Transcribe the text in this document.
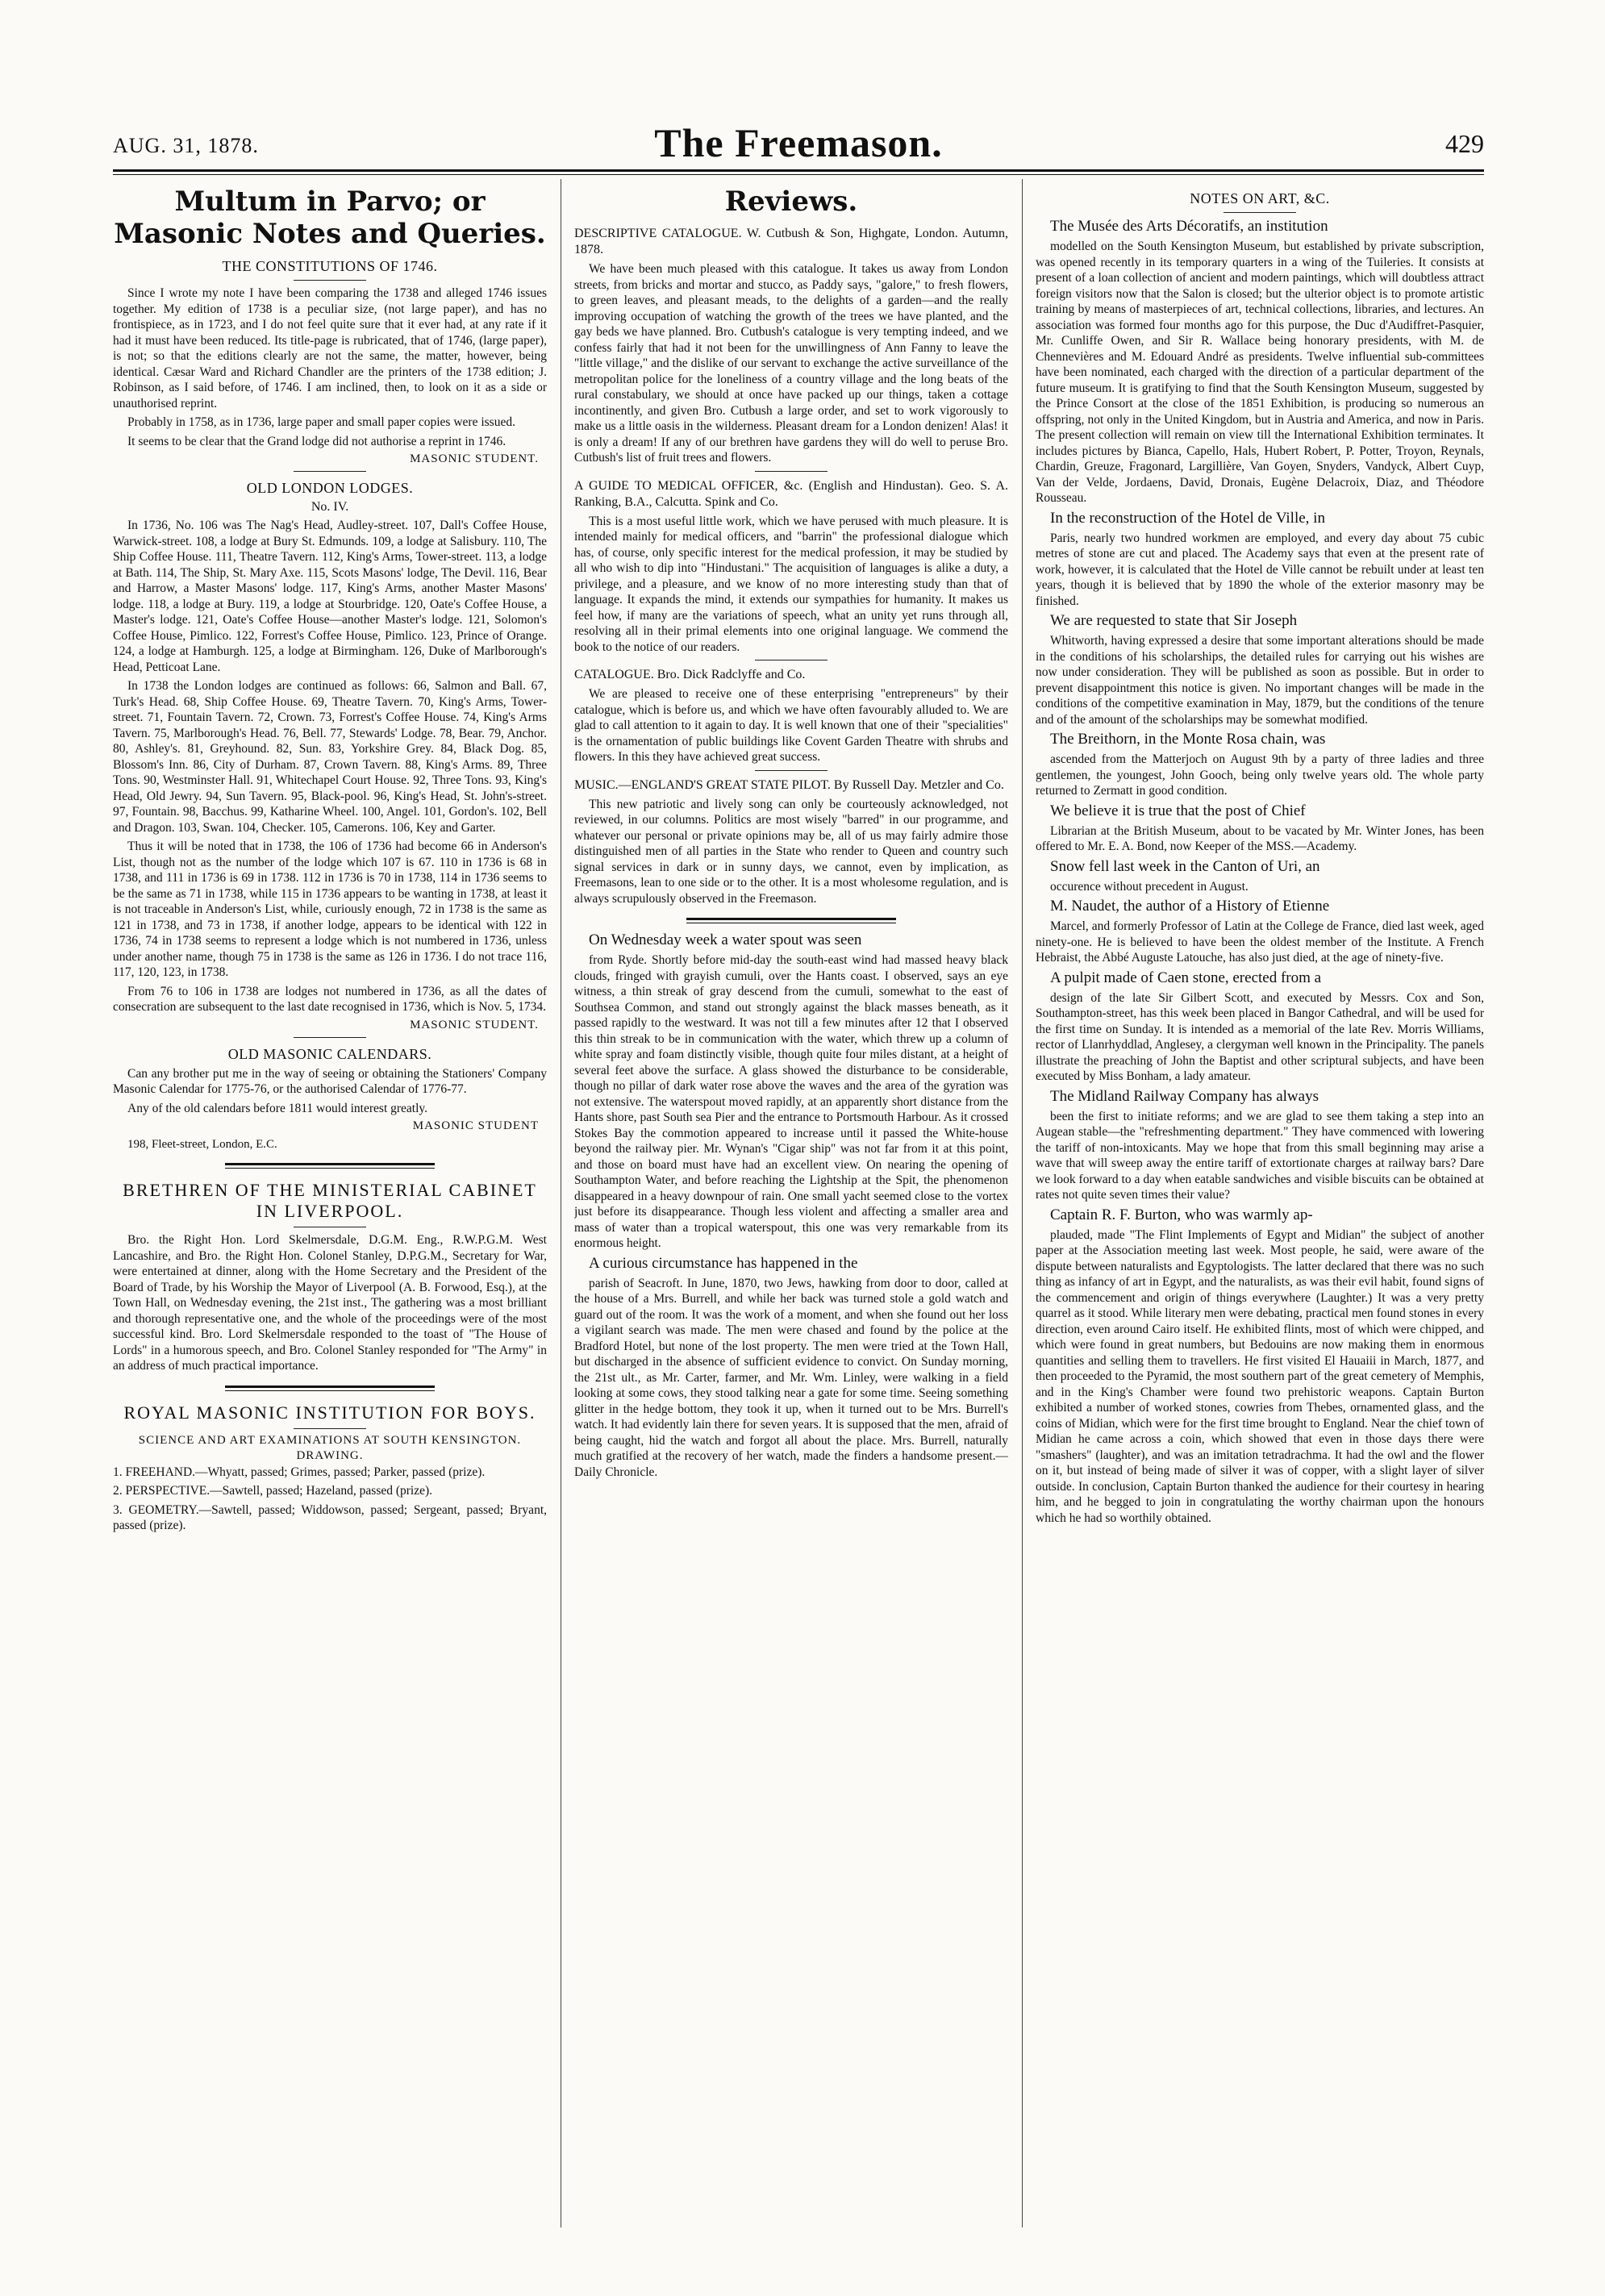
AUG. 31, 1878.	The Freemason.	429
Multum in Parvo; or Masonic Notes and Queries.
THE CONSTITUTIONS OF 1746.

Since I wrote my note I have been comparing the 1738 and alleged 1746 issues together. My edition of 1738 is a peculiar size, (not large paper), and has no frontispiece, as in 1723, and I do not feel quite sure that it ever had, at any rate if it had it must have been reduced. Its title-page is rubricated, that of 1746, (large paper), is not; so that the editions clearly are not the same, the matter, however, being identical. Cæsar Ward and Richard Chandler are the printers of the 1738 edition; J. Robinson, as I said before, of 1746. I am inclined, then, to look on it as a side or unauthorised reprint.

Probably in 1758, as in 1736, large paper and small paper copies were issued.

It seems to be clear that the Grand lodge did not authorise a reprint in 1746.

MASONIC STUDENT.
OLD LONDON LODGES.
No. IV.

In 1736, No. 106 was The Nag's Head, Audley-street. 107, Dall's Coffee House, Warwick-street. 108, a lodge at Bury St. Edmunds. 109, a lodge at Salisbury. 110, The Ship Coffee House. 111, Theatre Tavern. 112, King's Arms, Tower-street. 113, a lodge at Bath. 114, The Ship, St. Mary Axe. 115, Scots Masons' lodge, The Devil. 116, Bear and Harrow, a Master Masons' lodge. 117, King's Arms, another Master Masons' lodge. 118, a lodge at Bury. 119, a lodge at Stourbridge. 120, Oate's Coffee House, a Master's lodge. 121, Oate's Coffee House—another Master's lodge. 121, Solomon's Coffee House, Pimlico. 122, Forrest's Coffee House, Pimlico. 123, Prince of Orange. 124, a lodge at Hamburgh. 125, a lodge at Birmingham. 126, Duke of Marlborough's Head, Petticoat Lane.

In 1738 the London lodges are continued as follows: 66, Salmon and Ball. 67, Turk's Head. 68, Ship Coffee House. 69, Theatre Tavern. 70, King's Arms, Tower-street. 71, Fountain Tavern. 72, Crown. 73, Forrest's Coffee House. 74, King's Arms Tavern. 75, Marlborough's Head. 76, Bell. 77, Stewards' Lodge. 78, Bear. 79, Anchor. 80, Ashley's. 81, Greyhound. 82, Sun. 83, Yorkshire Grey. 84, Black Dog. 85, Blossom's Inn. 86, City of Durham. 87, Crown Tavern. 88, King's Arms. 89, Three Tons. 90, Westminster Hall. 91, Whitechapel Court House. 92, Three Tons. 93, King's Head, Old Jewry. 94, Sun Tavern. 95, Black-pool. 96, King's Head, St. John's-street. 97, Fountain. 98, Bacchus. 99, Katharine Wheel. 100, Angel. 101, Gordon's. 102, Bell and Dragon. 103, Swan. 104, Checker. 105, Camerons. 106, Key and Garter.

Thus it will be noted that in 1738, the 106 of 1736 had become 66 in Anderson's List, though not as the number of the lodge which 107 is 67. 110 in 1736 is 68 in 1738, and 111 in 1736 is 69 in 1738. 112 in 1736 is 70 in 1738, 114 in 1736 seems to be the same as 71 in 1738, while 115 in 1736 appears to be wanting in 1738, at least it is not traceable in Anderson's List, while, curiously enough, 72 in 1738 is the same as 121 in 1738, and 73 in 1738, if another lodge, appears to be identical with 122 in 1736, 74 in 1738 seems to represent a lodge which is not numbered in 1736, unless under another name, though 75 in 1738 is the same as 126 in 1736. I do not trace 116, 117, 120, 123, in 1738.

From 76 to 106 in 1738 are lodges not numbered in 1736, as all the dates of consecration are subsequent to the last date recognised in 1736, which is Nov. 5, 1734.

MASONIC STUDENT.
OLD MASONIC CALENDARS.

Can any brother put me in the way of seeing or obtaining the Stationers' Company Masonic Calendar for 1775-76, or the authorised Calendar of 1776-77.

Any of the old calendars before 1811 would interest greatly.

MASONIC STUDENT
198, Fleet-street, London, E.C.
BRETHREN OF THE MINISTERIAL CABINET IN LIVERPOOL.

Bro. the Right Hon. Lord Skelmersdale, D.G.M. Eng., R.W.P.G.M. West Lancashire, and Bro. the Right Hon. Colonel Stanley, D.P.G.M., Secretary for War, were entertained at dinner, along with the Home Secretary and the President of the Board of Trade, by his Worship the Mayor of Liverpool (A. B. Forwood, Esq.), at the Town Hall, on Wednesday evening, the 21st inst., The gathering was a most brilliant and thorough representative one, and the whole of the proceedings were of the most successful kind. Bro. Lord Skelmersdale responded to the toast of "The House of Lords" in a humorous speech, and Bro. Colonel Stanley responded for "The Army" in an address of much practical importance.

ROYAL MASONIC INSTITUTION FOR BOYS.
SCIENCE AND ART EXAMINATIONS AT SOUTH KENSINGTON.
DRAWING.

1. FREEHAND.—Whyatt, passed; Grimes, passed; Parker, passed (prize).

2. PERSPECTIVE.—Sawtell, passed; Hazeland, passed (prize).

3. GEOMETRY.—Sawtell, passed; Widdowson, passed; Sergeant, passed; Bryant, passed (prize).

Reviews.

DESCRIPTIVE CATALOGUE. W. Cutbush & Son, Highgate, London. Autumn, 1878.

We have been much pleased with this catalogue. It takes us away from London streets, from bricks and mortar and stucco, as Paddy says, "galore," to fresh flowers, to green leaves, and pleasant meads, to the delights of a garden—and the really improving occupation of watching the growth of the trees we have planted, and the gay beds we have planned. Bro. Cutbush's catalogue is very tempting indeed, and we confess fairly that had it not been for the unwillingness of Ann Fanny to leave the "little village," and the dislike of our servant to exchange the active surveillance of the metropolitan police for the loneliness of a country village and the long beats of the rural constabulary, we should at once have packed up our things, taken a cottage incontinently, and given Bro. Cutbush a large order, and set to work vigorously to make us a little oasis in the wilderness. Pleasant dream for a London denizen! Alas! it is only a dream! If any of our brethren have gardens they will do well to peruse Bro. Cutbush's list of fruit trees and flowers.

A GUIDE TO MEDICAL OFFICER, &c. (English and Hindustan). Geo. S. A. Ranking, B.A., Calcutta. Spink and Co.

This is a most useful little work, which we have perused with much pleasure. It is intended mainly for medical officers, and "barrin" the professional dialogue which has, of course, only specific interest for the medical profession, it may be studied by all who wish to dip into "Hindustani." The acquisition of languages is alike a duty, a privilege, and a pleasure, and we know of no more interesting study than that of language. It expands the mind, it extends our sympathies for humanity. It makes us feel how, if many are the variations of speech, what an unity yet runs through all, resolving all in their primal elements into one original language. We commend the book to the notice of our readers.

CATALOGUE. Bro. Dick Radclyffe and Co.

We are pleased to receive one of these enterprising "entrepreneurs" by their catalogue, which is before us, and which we have often favourably alluded to. We are glad to call attention to it again to day. It is well known that one of their "specialities" is the ornamentation of public buildings like Covent Garden Theatre with shrubs and flowers. In this they have achieved great success.

MUSIC.—ENGLAND'S GREAT STATE PILOT. By Russell Day. Metzler and Co.

This new patriotic and lively song can only be courteously acknowledged, not reviewed, in our columns. Politics are most wisely "barred" in our programme, and whatever our personal or private opinions may be, all of us may fairly admire those distinguished men of all parties in the State who render to Queen and country such signal services in dark or in sunny days, we cannot, even by implication, as Freemasons, lean to one side or to the other. It is a most wholesome regulation, and is always scrupulously observed in the Freemason.

On Wednesday week a water spout was seen

from Ryde. Shortly before mid-day the south-east wind had massed heavy black clouds, fringed with grayish cumuli, over the Hants coast. I observed, says an eye witness, a thin streak of gray descend from the cumuli, somewhat to the east of Southsea Common, and stand out strongly against the black masses beneath, as it passed rapidly to the westward. It was not till a few minutes after 12 that I observed this thin streak to be in communication with the water, which threw up a column of white spray and foam distinctly visible, though quite four miles distant, at a height of several feet above the surface. A glass showed the disturbance to be considerable, though no pillar of dark water rose above the waves and the area of the gyration was not extensive. The waterspout moved rapidly, at an apparently short distance from the Hants shore, past South sea Pier and the entrance to Portsmouth Harbour. As it crossed Stokes Bay the commotion appeared to increase until it passed the White-house beyond the railway pier. Mr. Wynan's "Cigar ship" was not far from it at this point, and those on board must have had an excellent view. On nearing the opening of Southampton Water, and before reaching the Lightship at the Spit, the phenomenon disappeared in a heavy downpour of rain. One small yacht seemed close to the vortex just before its disappearance. Though less violent and affecting a smaller area and mass of water than a tropical waterspout, this one was very remarkable from its enormous height.

A curious circumstance has happened in the

parish of Seacroft. In June, 1870, two Jews, hawking from door to door, called at the house of a Mrs. Burrell, and while her back was turned stole a gold watch and guard out of the room. It was the work of a moment, and when she found out her loss a vigilant search was made. The men were chased and found by the police at the Bradford Hotel, but none of the lost property. The men were tried at the Town Hall, but discharged in the absence of sufficient evidence to convict. On Sunday morning, the 21st ult., as Mr. Carter, farmer, and Mr. Wm. Linley, were walking in a field looking at some cows, they stood talking near a gate for some time. Seeing something glitter in the hedge bottom, they took it up, when it turned out to be Mrs. Burrell's watch. It had evidently lain there for seven years. It is supposed that the men, afraid of being caught, hid the watch and forgot all about the place. Mrs. Burrell, naturally much gratified at the recovery of her watch, made the finders a handsome present.—Daily Chronicle.

NOTES ON ART, &C.

The Musée des Arts Décoratifs, an institution

modelled on the South Kensington Museum, but established by private subscription, was opened recently in its temporary quarters in a wing of the Tuileries. It consists at present of a loan collection of ancient and modern paintings, which will doubtless attract foreign visitors now that the Salon is closed; but the ulterior object is to promote artistic training by means of masterpieces of art, technical collections, libraries, and lectures. An association was formed four months ago for this purpose, the Duc d'Audiffret-Pasquier, Mr. Cunliffe Owen, and Sir R. Wallace being honorary presidents, with M. de Chennevières and M. Edouard André as presidents. Twelve influential sub-committees have been nominated, each charged with the direction of a particular department of the future museum. It is gratifying to find that the South Kensington Museum, suggested by the Prince Consort at the close of the 1851 Exhibition, is producing so numerous an offspring, not only in the United Kingdom, but in Austria and America, and now in Paris. The present collection will remain on view till the International Exhibition terminates. It includes pictures by Bianca, Capello, Hals, Hubert Robert, P. Potter, Troyon, Reynals, Chardin, Greuze, Fragonard, Largillière, Van Goyen, Snyders, Vandyck, Albert Cuyp, Van der Velde, Jordaens, David, Dronais, Eugène Delacroix, Diaz, and Théodore Rousseau.

In the reconstruction of the Hotel de Ville, in

Paris, nearly two hundred workmen are employed, and every day about 75 cubic metres of stone are cut and placed. The Academy says that even at the present rate of work, however, it is calculated that the Hotel de Ville cannot be rebuilt under at least ten years, though it is believed that by 1890 the whole of the exterior masonry may be finished.

We are requested to state that Sir Joseph

Whitworth, having expressed a desire that some important alterations should be made in the conditions of his scholarships, the detailed rules for carrying out his wishes are now under consideration. They will be published as soon as possible. But in order to prevent disappointment this notice is given. No important changes will be made in the conditions of the competitive examination in May, 1879, but the conditions of the tenure and of the amount of the scholarships may be somewhat modified.

The Breithorn, in the Monte Rosa chain, was

ascended from the Matterjoch on August 9th by a party of three ladies and three gentlemen, the youngest, John Gooch, being only twelve years old. The whole party returned to Zermatt in good condition.

We believe it is true that the post of Chief

Librarian at the British Museum, about to be vacated by Mr. Winter Jones, has been offered to Mr. E. A. Bond, now Keeper of the MSS.—Academy.

Snow fell last week in the Canton of Uri, an

occurence without precedent in August.

M. Naudet, the author of a History of Etienne

Marcel, and formerly Professor of Latin at the College de France, died last week, aged ninety-one. He is believed to have been the oldest member of the Institute. A French Hebraist, the Abbé Auguste Latouche, has also just died, at the age of ninety-five.

A pulpit made of Caen stone, erected from a

design of the late Sir Gilbert Scott, and executed by Messrs. Cox and Son, Southampton-street, has this week been placed in Bangor Cathedral, and will be used for the first time on Sunday. It is intended as a memorial of the late Rev. Morris Williams, rector of Llanrhyddlad, Anglesey, a clergyman well known in the Principality. The panels illustrate the preaching of John the Baptist and other scriptural subjects, and have been executed by Miss Bonham, a lady amateur.

The Midland Railway Company has always

been the first to initiate reforms; and we are glad to see them taking a step into an Augean stable—the "refreshmenting department." They have commenced with lowering the tariff of non-intoxicants. May we hope that from this small beginning may arise a wave that will sweep away the entire tariff of extortionate charges at railway bars? Dare we look forward to a day when eatable sandwiches and visible biscuits can be obtained at rates not quite seven times their value?

Captain R. F. Burton, who was warmly ap-

plauded, made "The Flint Implements of Egypt and Midian" the subject of another paper at the Association meeting last week. Most people, he said, were aware of the dispute between naturalists and Egyptologists. The latter declared that there was no such thing as infancy of art in Egypt, and the naturalists, as was their evil habit, found signs of the commencement and origin of things everywhere (Laughter.) It was a very pretty quarrel as it stood. While literary men were debating, practical men found stones in every direction, even around Cairo itself. He exhibited flints, most of which were chipped, and which were found in great numbers, but Bedouins are now making them in enormous quantities and selling them to travellers. He first visited El Hauaiii in March, 1877, and then proceeded to the Pyramid, the most southern part of the great cemetery of Memphis, and in the King's Chamber were found two prehistoric weapons. Captain Burton exhibited a number of worked stones, cowries from Thebes, ornamented glass, and the coins of Midian, which were for the first time brought to England. Near the chief town of Midian he came across a coin, which showed that even in those days there were "smashers" (laughter), and was an imitation tetradrachma. It had the owl and the flower on it, but instead of being made of silver it was of copper, with a slight layer of silver outside. In conclusion, Captain Burton thanked the audience for their courtesy in hearing him, and he begged to join in congratulating the worthy chairman upon the honours which he had so worthily obtained.
